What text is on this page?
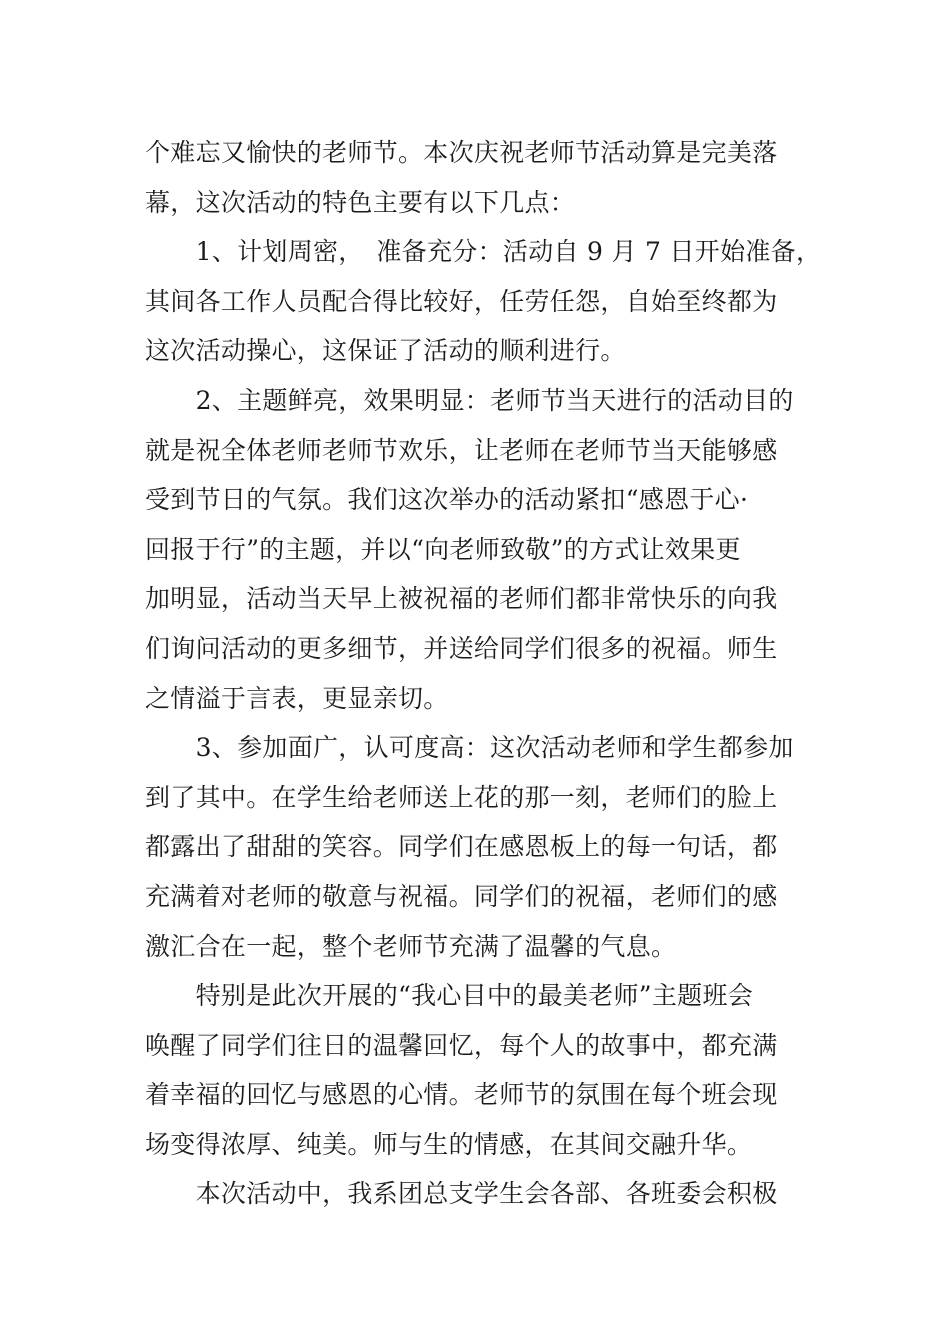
个难忘又愉快的老师节。本次庆祝老师节活动算是完美落
幕，这次活动的特色主要有以下几点：
　　1、计划周密，　准备充分：活动自 9 月 7 日开始准备，
其间各工作人员配合得比较好，任劳任怨，自始至终都为
这次活动操心，这保证了活动的顺利进行。
　　2、主题鲜亮，效果明显：老师节当天进行的活动目的
就是祝全体老师老师节欢乐，让老师在老师节当天能够感
受到节日的气氛。我们这次举办的活动紧扣“感恩于心·
回报于行”的主题，并以“向老师致敬”的方式让效果更
加明显，活动当天早上被祝福的老师们都非常快乐的向我
们询问活动的更多细节，并送给同学们很多的祝福。师生
之情溢于言表，更显亲切。
　　3、参加面广，认可度高：这次活动老师和学生都参加
到了其中。在学生给老师送上花的那一刻，老师们的脸上
都露出了甜甜的笑容。同学们在感恩板上的每一句话，都
充满着对老师的敬意与祝福。同学们的祝福，老师们的感
激汇合在一起，整个老师节充满了温馨的气息。
　　特别是此次开展的“我心目中的最美老师”主题班会
唤醒了同学们往日的温馨回忆，每个人的故事中，都充满
着幸福的回忆与感恩的心情。老师节的氛围在每个班会现
场变得浓厚、纯美。师与生的情感，在其间交融升华。
　　本次活动中，我系团总支学生会各部、各班委会积极
